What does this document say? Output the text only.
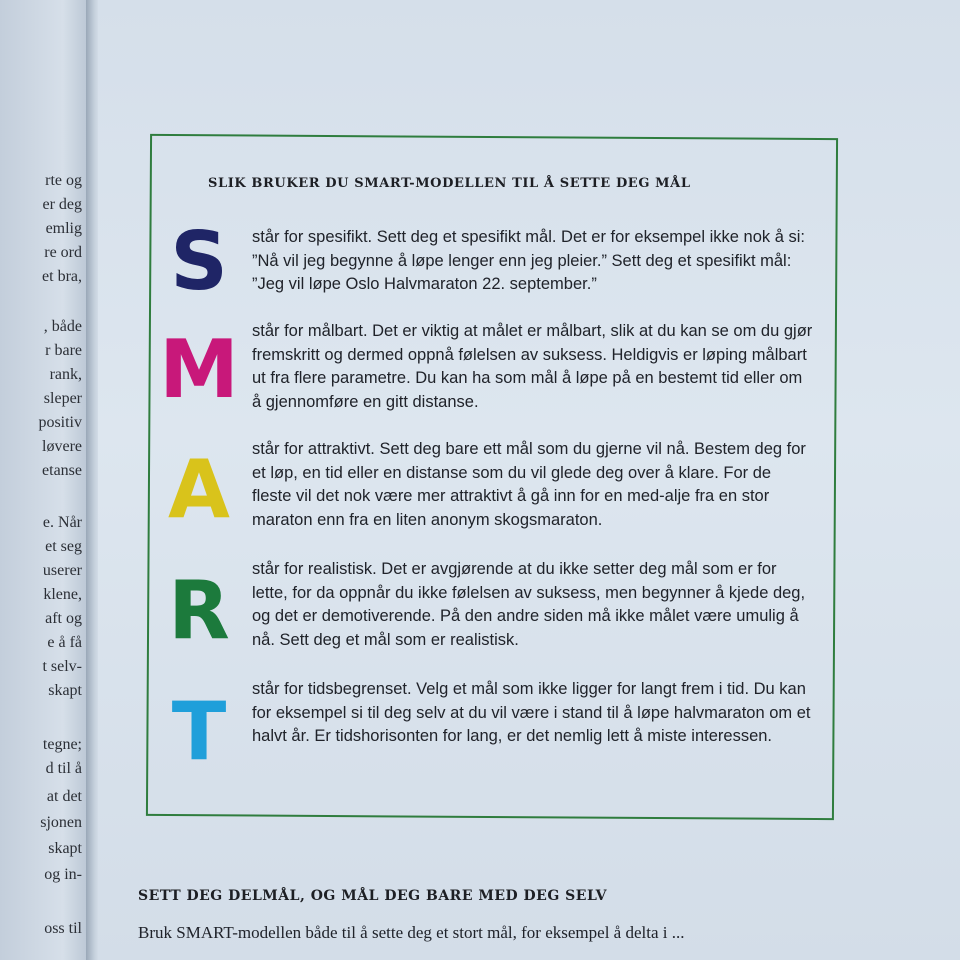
rte og
er deg
emlig
re ord
et bra,
, både
r bare
rank,
sleper
positiv
løvere
etanse
e. Når
et seg
userer
klene,
aft og
e å få
t selv-
skapt
tegne;
d til å
at det
sjonen
skapt
og in-
oss til
SLIK BRUKER DU SMART-MODELLEN TIL Å SETTE DEG MÅL
S
M
A
R
T
står for spesifikt. Sett deg et spesifikt mål. Det er for eksempel ikke nok å si: ”Nå vil jeg begynne å løpe lenger enn jeg pleier.” Sett deg et spesifikt mål: ”Jeg vil løpe Oslo Halvmaraton 22. september.”
står for målbart. Det er viktig at målet er målbart, slik at du kan se om du gjør fremskritt og dermed oppnå følelsen av suksess. Heldigvis er løping målbart ut fra flere parametre. Du kan ha som mål å løpe på en bestemt tid eller om å gjennomføre en gitt distanse.
står for attraktivt. Sett deg bare ett mål som du gjerne vil nå. Bestem deg for et løp, en tid eller en distanse som du vil glede deg over å klare. For de fleste vil det nok være mer attraktivt å gå inn for en med-alje fra en stor maraton enn fra en liten anonym skogsmaraton.
står for realistisk. Det er avgjørende at du ikke setter deg mål som er for lette, for da oppnår du ikke følelsen av suksess, men begynner å kjede deg, og det er demotiverende. På den andre siden må ikke målet være umulig å nå. Sett deg et mål som er realistisk.
står for tidsbegrenset. Velg et mål som ikke ligger for langt frem i tid. Du kan for eksempel si til deg selv at du vil være i stand til å løpe halvmaraton om et halvt år. Er tidshorisonten for lang, er det nemlig lett å miste interessen.
SETT DEG DELMÅL, OG MÅL DEG BARE MED DEG SELV
Bruk SMART-modellen både til å sette deg et stort mål, for eksempel å delta i ...
